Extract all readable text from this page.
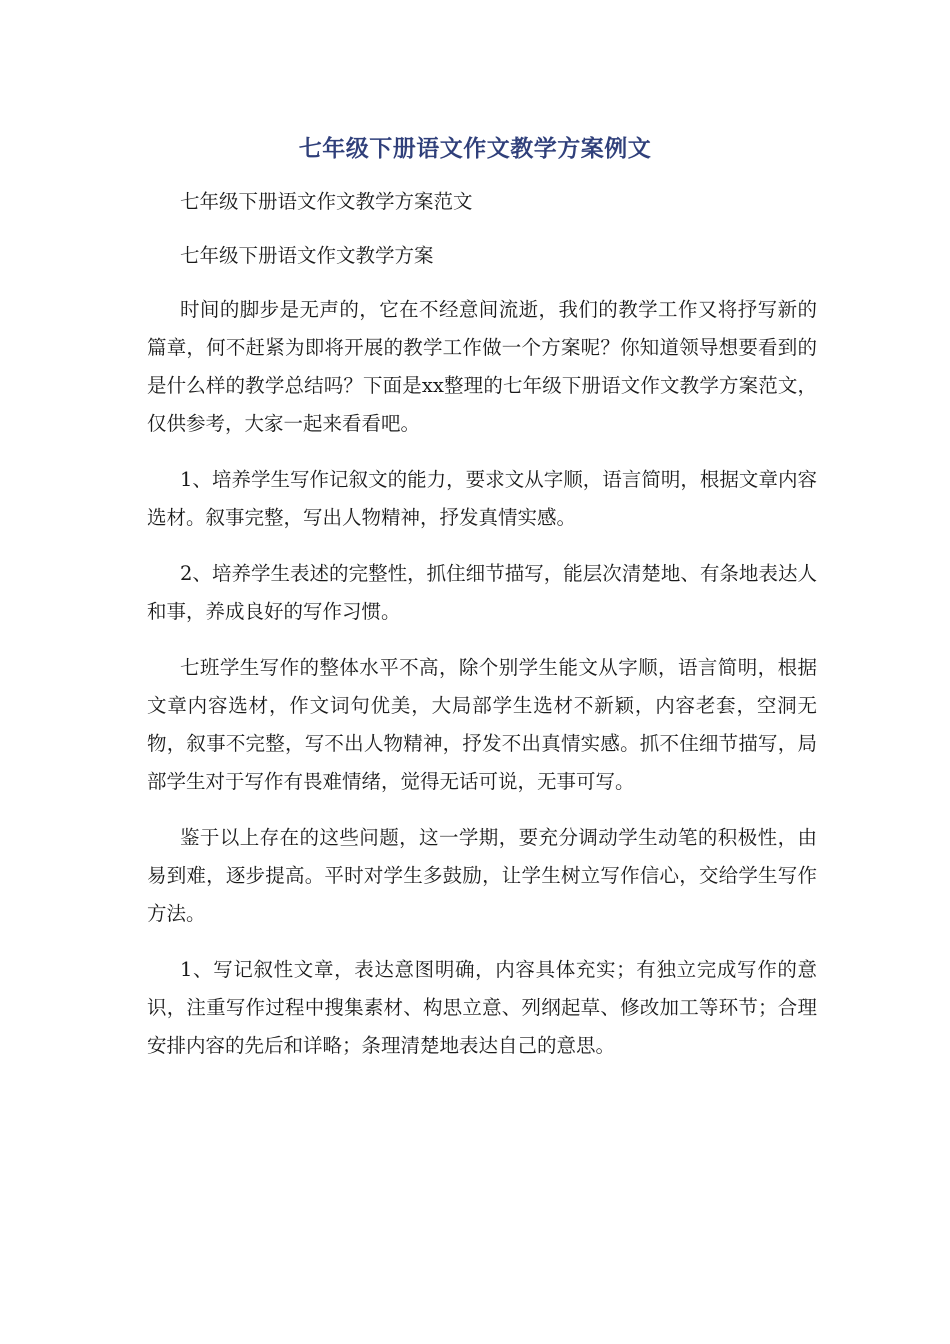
七年级下册语文作文教学方案例文

七年级下册语文作文教学方案范文

七年级下册语文作文教学方案

时间的脚步是无声的，它在不经意间流逝，我们的教学工作又将抒写新的篇章，何不赶紧为即将开展的教学工作做一个方案呢？你知道领导想要看到的是什么样的教学总结吗？下面是xx整理的七年级下册语文作文教学方案范文，仅供参考，大家一起来看看吧。

1、培养学生写作记叙文的能力，要求文从字顺，语言简明，根据文章内容选材。叙事完整，写出人物精神，抒发真情实感。

2、培养学生表述的完整性，抓住细节描写，能层次清楚地、有条地表达人和事，养成良好的写作习惯。

七班学生写作的整体水平不高，除个别学生能文从字顺，语言简明，根据文章内容选材，作文词句优美，大局部学生选材不新颖，内容老套，空洞无物，叙事不完整，写不出人物精神，抒发不出真情实感。抓不住细节描写，局部学生对于写作有畏难情绪，觉得无话可说，无事可写。

鉴于以上存在的这些问题，这一学期，要充分调动学生动笔的积极性，由易到难，逐步提高。平时对学生多鼓励，让学生树立写作信心，交给学生写作方法。

1、写记叙性文章，表达意图明确，内容具体充实；有独立完成写作的意识，注重写作过程中搜集素材、构思立意、列纲起草、修改加工等环节；合理安排内容的先后和详略；条理清楚地表达自己的意思。
